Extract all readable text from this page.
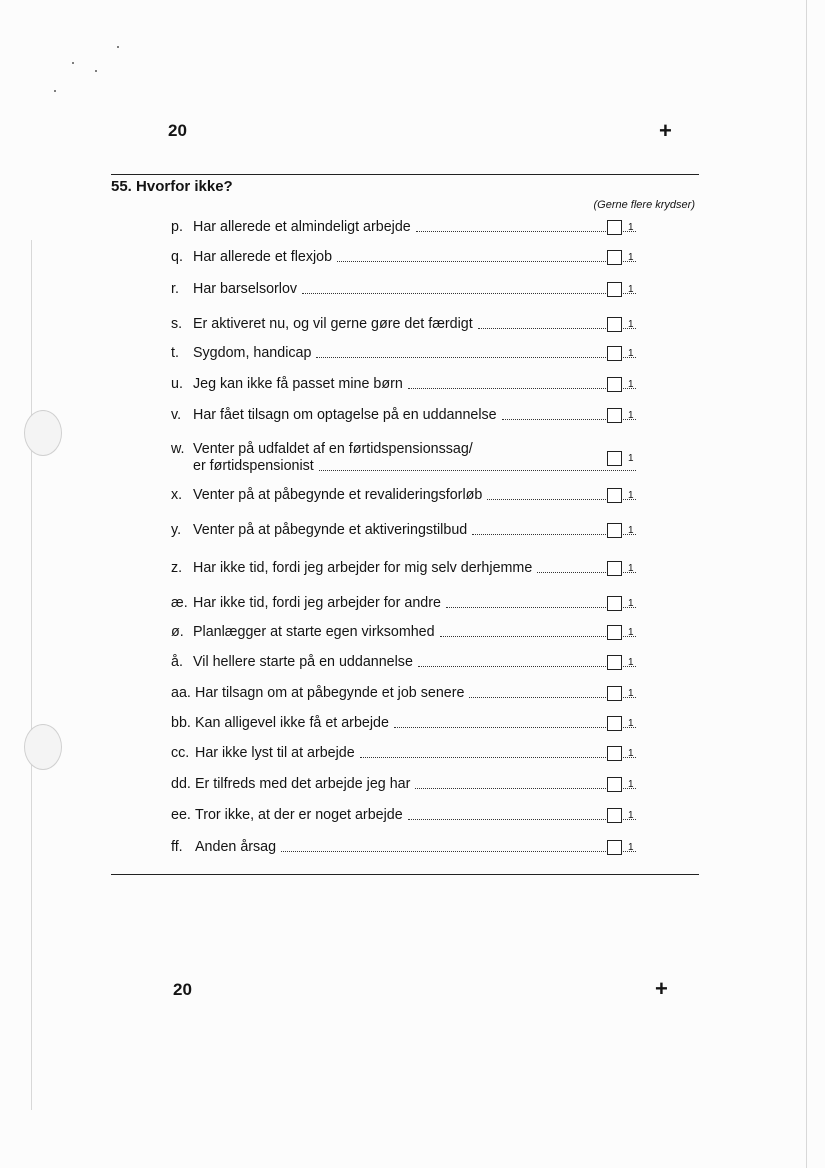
20	+
55. Hvorfor ikke?
(Gerne flere krydser)
p. Har allerede et almindeligt arbejde	1
q. Har allerede et flexjob	1
r. Har barselsorlov	1
s. Er aktiveret nu, og vil gerne gøre det færdigt	1
t. Sygdom, handicap	1
u. Jeg kan ikke få passet mine børn	1
v. Har fået tilsagn om optagelse på en uddannelse	1
w. Venter på udfaldet af en førtidspensionssag/
er førtidspensionist	1
x. Venter på at påbegynde et revalideringsforløb	1
y. Venter på at påbegynde et aktiveringstilbud	1
z. Har ikke tid, fordi jeg arbejder for mig selv derhjemme	1
æ. Har ikke tid, fordi jeg arbejder for andre	1
ø. Planlægger at starte egen virksomhed	1
å. Vil hellere starte på en uddannelse	1
aa. Har tilsagn om at påbegynde et job senere	1
bb. Kan alligevel ikke få et arbejde	1
cc. Har ikke lyst til at arbejde	1
dd. Er tilfreds med det arbejde jeg har	1
ee. Tror ikke, at der er noget arbejde	1
ff. Anden årsag	1
20	+
